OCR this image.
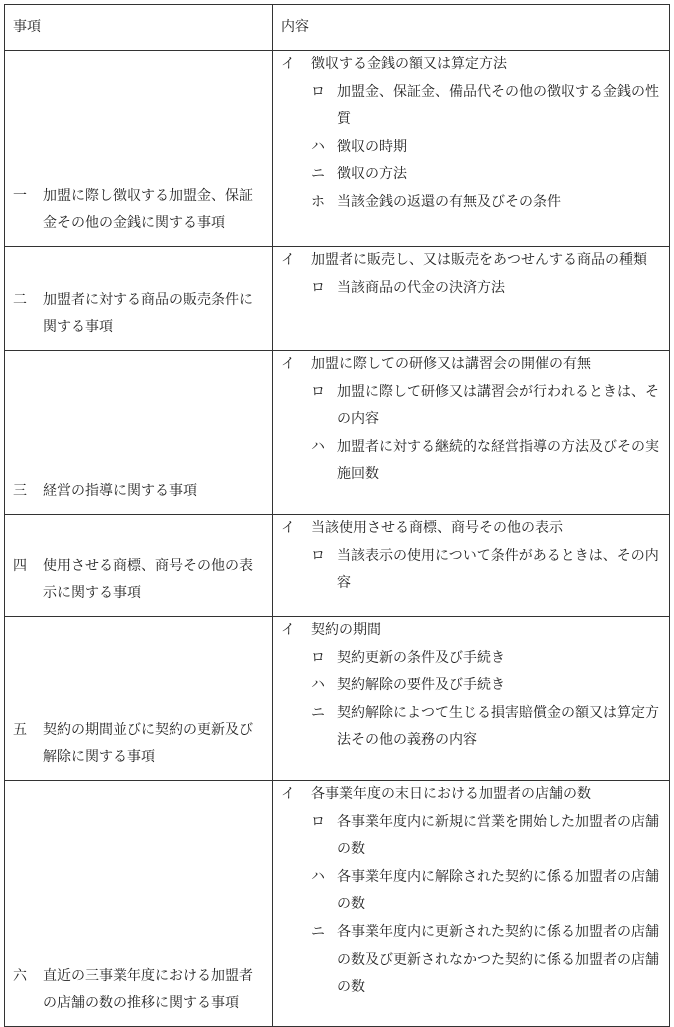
事項	内容

一 加盟に際し徴収する加盟金、保証金その他の金銭に関する事項	イ 徴収する金銭の額又は算定方法
ロ 加盟金、保証金、備品代その他の徴収する金銭の性質
ハ 徴収の時期
ニ 徴収の方法
ホ 当該金銭の返還の有無及びその条件

二 加盟者に対する商品の販売条件に関する事項	イ 加盟者に販売し、又は販売をあつせんする商品の種類
ロ 当該商品の代金の決済方法

三 経営の指導に関する事項	イ 加盟に際しての研修又は講習会の開催の有無
ロ 加盟に際して研修又は講習会が行われるときは、その内容
ハ 加盟者に対する継続的な経営指導の方法及びその実施回数

四 使用させる商標、商号その他の表示に関する事項	イ 当該使用させる商標、商号その他の表示
ロ 当該表示の使用について条件があるときは、その内容

五 契約の期間並びに契約の更新及び解除に関する事項	イ 契約の期間
ロ 契約更新の条件及び手続き
ハ 契約解除の要件及び手続き
ニ 契約解除によつて生じる損害賠償金の額又は算定方法その他の義務の内容

六 直近の三事業年度における加盟者の店舗の数の推移に関する事項	イ 各事業年度の末日における加盟者の店舗の数
ロ 各事業年度内に新規に営業を開始した加盟者の店舗の数
ハ 各事業年度内に解除された契約に係る加盟者の店舗の数
ニ 各事業年度内に更新された契約に係る加盟者の店舗の数及び更新されなかつた契約に係る加盟者の店舗の数
